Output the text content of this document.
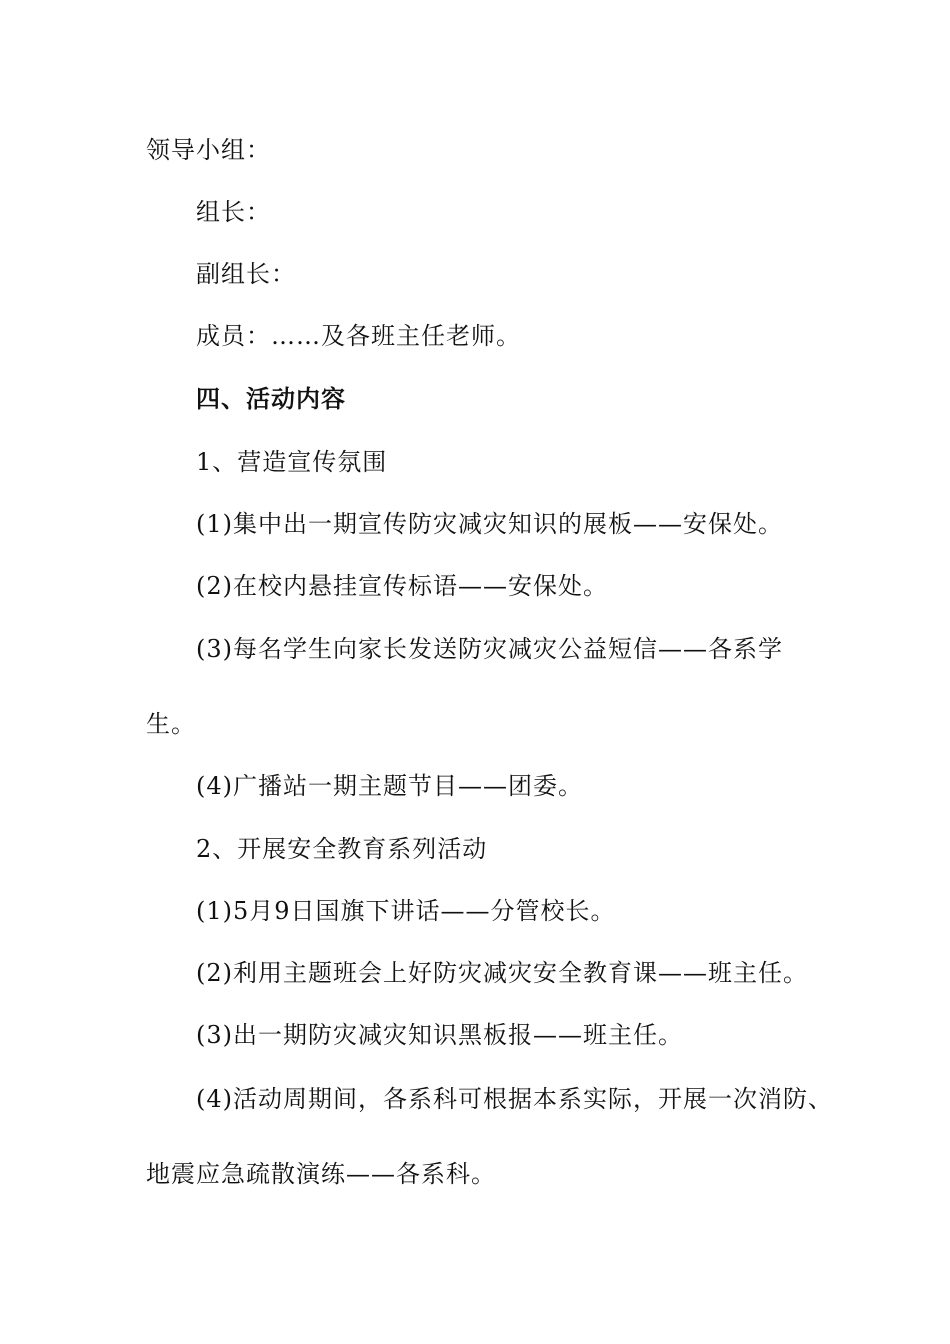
领导小组：
组长：
副组长：
成员：……及各班主任老师。
四、活动内容
1、营造宣传氛围
(1)集中出一期宣传防灾减灾知识的展板——安保处。
(2)在校内悬挂宣传标语——安保处。
(3)每名学生向家长发送防灾减灾公益短信——各系学
生。
(4)广播站一期主题节目——团委。
2、开展安全教育系列活动
(1)5月9日国旗下讲话——分管校长。
(2)利用主题班会上好防灾减灾安全教育课——班主任。
(3)出一期防灾减灾知识黑板报——班主任。
(4)活动周期间，各系科可根据本系实际，开展一次消防、
地震应急疏散演练——各系科。
